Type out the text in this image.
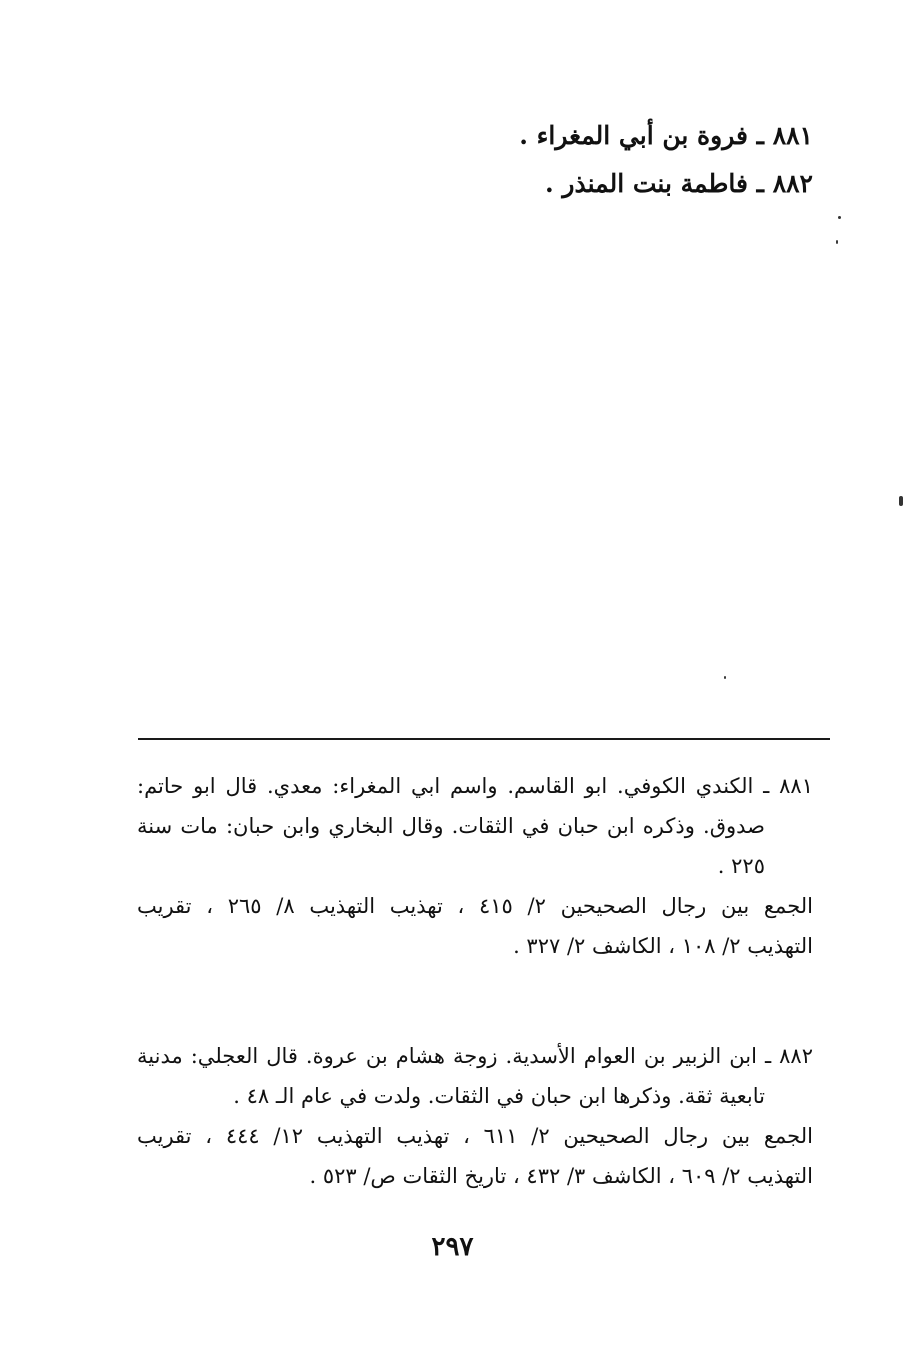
٨٨١ ـ فروة بن أبي المغراء .
٨٨٢ ـ فاطمة بنت المنذر .
٨٨١ ـ الكندي الكوفي. ابو القاسم. واسم ابي المغراء: معدي. قال ابو حاتم:
صدوق. وذكره ابن حبان في الثقات. وقال البخاري وابن حبان: مات سنة
٢٢٥ .
الجمع بين رجال الصحيحين ٢/ ٤١٥ ، تهذيب التهذيب ٨/ ٢٦٥ ، تقريب
التهذيب ٢/ ١٠٨ ، الكاشف ٢/ ٣٢٧ .
٨٨٢ ـ ابن الزبير بن العوام الأسدية. زوجة هشام بن عروة. قال العجلي: مدنية
تابعية ثقة. وذكرها ابن حبان في الثقات. ولدت في عام الـ ٤٨ .
الجمع بين رجال الصحيحين ٢/ ٦١١ ، تهذيب التهذيب ١٢/ ٤٤٤ ، تقريب
التهذيب ٢/ ٦٠٩ ، الكاشف ٣/ ٤٣٢ ، تاريخ الثقات ص/ ٥٢٣ .
٢٩٧
